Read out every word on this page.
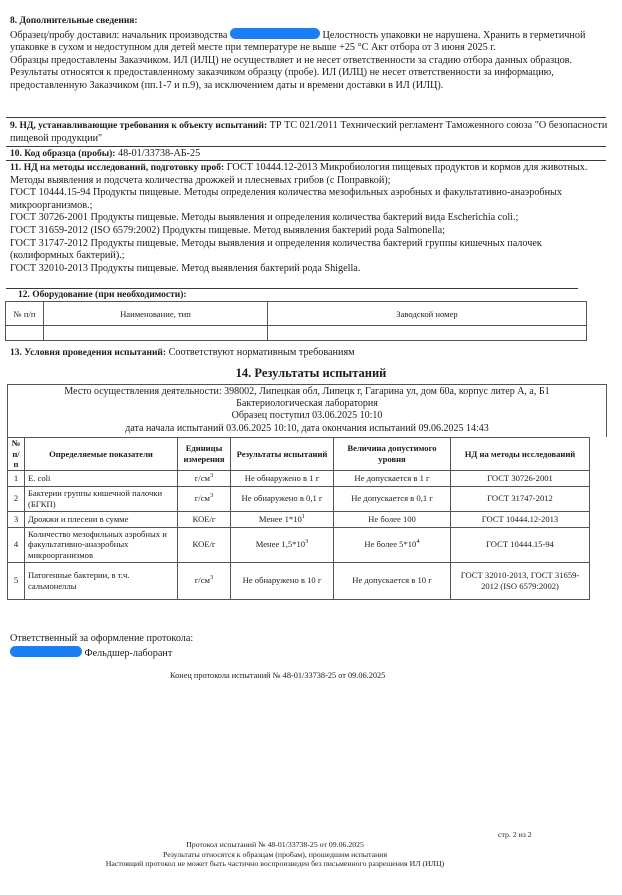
8. Дополнительные сведения:
Образец/пробу доставил: начальник производства	Целостность упаковки не нарушена. Хранить в герметичной упаковке в сухом и недоступном для детей месте при температуре не выше +25 °С Акт отбора от 3 июня 2025 г.
Образцы предоставлены Заказчиком. ИЛ (ИЛЦ) не осуществляет и не несет ответственности за стадию отбора данных образцов. Результаты относятся к предоставленному заказчиком образцу (пробе). ИЛ (ИЛЦ) не несет ответственности за информацию, предоставленную Заказчиком (пп.1-7 и п.9), за исключением даты и времени доставки в ИЛ (ИЛЦ).
9. НД, устанавливающие требования к объекту испытаний: ТР ТС 021/2011 Технический регламент Таможенного союза "О безопасности пищевой продукции"
10. Код образца (пробы): 48-01/33738-АБ-25
11. НД на методы исследований, подготовку проб: ГОСТ 10444.12-2013 Микробиология пищевых продуктов и кормов для животных. Методы выявления и подсчета количества дрожжей и плесневых грибов (с Поправкой);
ГОСТ 10444.15-94 Продукты пищевые. Методы определения количества мезофильных аэробных и факультативно-анаэробных микроорганизмов.;
ГОСТ 30726-2001 Продукты пищевые. Методы выявления и определения количества бактерий вида Escherichia coli.;
ГОСТ 31659-2012 (ISO 6579:2002) Продукты пищевые. Метод выявления бактерий рода Salmonella;
ГОСТ 31747-2012 Продукты пищевые. Методы выявления и определения количества бактерий группы кишечных палочек (колиформных бактерий).;
ГОСТ 32010-2013 Продукты пищевые. Метод выявления бактерий рода Shigella.
12. Оборудование (при необходимости):
№ п/п	Наименование, тип	Заводской номер

13. Условия проведения испытаний: Соответствуют нормативным требованиям
14. Результаты испытаний
Место осуществления деятельности: 398002, Липецкая обл, Липецк г, Гагарина ул, дом 60а, корпус литер А, а, Б1
Бактериологическая лаборатория
Образец поступил 03.06.2025 10:10
дата начала испытаний 03.06.2025 10:10, дата окончания испытаний 09.06.2025 14:43
№ п/п	Определяемые показатели	Единицы измерения	Результаты испытаний	Величина допустимого уровня	НД на методы исследований
1	E. coli	$г/см^3$	Не обнаружено в 1 г	Не допускается в 1 г	ГОСТ 30726-2001
2	Бактерии группы кишечной палочки (БГКП)	$г/см^3$	Не обнаружено в 0,1 г	Не допускается в 0,1 г	ГОСТ 31747-2012
3	Дрожжи и плесени в сумме	КОЕ/г	Менее $1*10^1$	Не более 100	ГОСТ 10444.12-2013
4	Количество мезофильных аэробных и факультативно-анаэробных микроорганизмов	КОЕ/г	Менее $1,5*10^3$	Не более $5*10^4$	ГОСТ 10444.15-94
5	Патогенные бактерии, в т.ч. сальмонеллы	$г/см^3$	Не обнаружено в 10 г	Не допускается в 10 г	ГОСТ 32010-2013, ГОСТ 31659-2012 (ISO 6579:2002)
Ответственный за оформление протокола:
Фельдшер-лаборант
Конец протокола испытаний № 48-01/33738-25 от 09.06.2025
стр. 2 из 2
Протокол испытаний № 48-01/33738-25 от 09.06.2025
Результаты относятся к образцам (пробам), прошедшим испытания
Настоящий протокол не может быть частично воспроизведен без письменного разрешения ИЛ (ИЛЦ)
